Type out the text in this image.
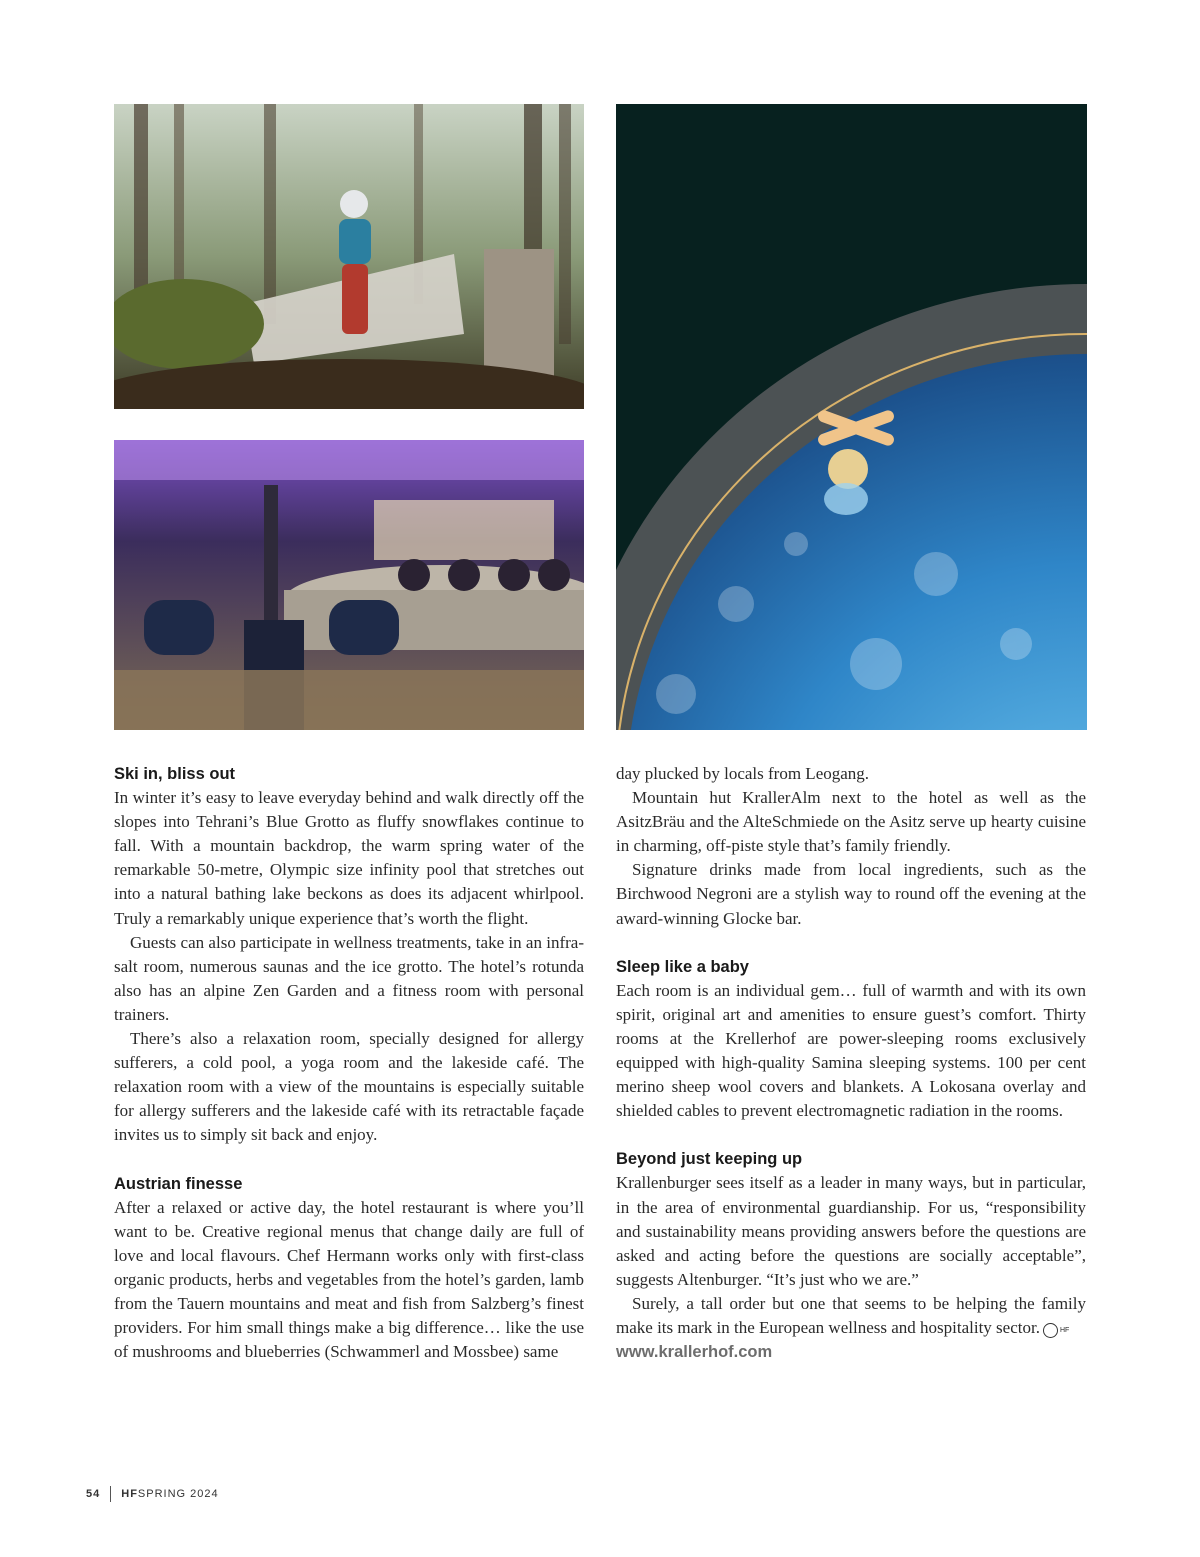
Ski in, bliss out

In winter it’s easy to leave everyday behind and walk directly off the slopes into Tehrani’s Blue Grotto as fluffy snowflakes continue to fall. With a mountain backdrop, the warm spring water of the remarkable 50-metre, Olympic size infinity pool that stretches out into a natural bathing lake beckons as does its adjacent whirlpool. Truly a remarkably unique experience that’s worth the flight.

Guests can also participate in wellness treatments, take in an infra-salt room, numerous saunas and the ice grotto. The hotel’s rotunda also has an alpine Zen Garden and a fitness room with personal trainers.

There’s also a relaxation room, specially designed for allergy sufferers, a cold pool, a yoga room and the lakeside café. The relaxation room with a view of the mountains is especially suitable for allergy sufferers and the lakeside café with its retractable façade invites us to simply sit back and enjoy.

Austrian finesse

After a relaxed or active day, the hotel restaurant is where you’ll want to be. Creative regional menus that change daily are full of love and local flavours. Chef Hermann works only with first-class organic products, herbs and vegetables from the hotel’s garden, lamb from the Tauern mountains and meat and fish from Salzberg’s finest providers. For him small things make a big difference… like the use of mushrooms and blueberries (Schwammerl and Mossbee) same

day plucked by locals from Leogang.

Mountain hut KrallerAlm next to the hotel as well as the AsitzBräu and the AlteSchmiede on the Asitz serve up hearty cuisine in charming, off-piste style that’s family friendly.

Signature drinks made from local ingredients, such as the Birchwood Negroni are a stylish way to round off the evening at the award-winning Glocke bar.

Sleep like a baby

Each room is an individual gem… full of warmth and with its own spirit, original art and amenities to ensure guest’s comfort. Thirty rooms at the Krellerhof are power-sleeping rooms exclusively equipped with high-quality Samina sleeping systems. 100 per cent merino sheep wool covers and blankets. A Lokosana overlay and shielded cables to prevent electromagnetic radiation in the rooms.

Beyond just keeping up

Krallenburger sees itself as a leader in many ways, but in particular, in the area of environmental guardianship. For us, “responsibility and sustainability means providing answers before the questions are asked and acting before the questions are socially acceptable”, suggests Altenburger. “It’s just who we are.”

Surely, a tall order but one that seems to be helping the family make its mark in the European wellness and hospitality sector.	HF

www.krallerhof.com
54 HF SPRING 2024
